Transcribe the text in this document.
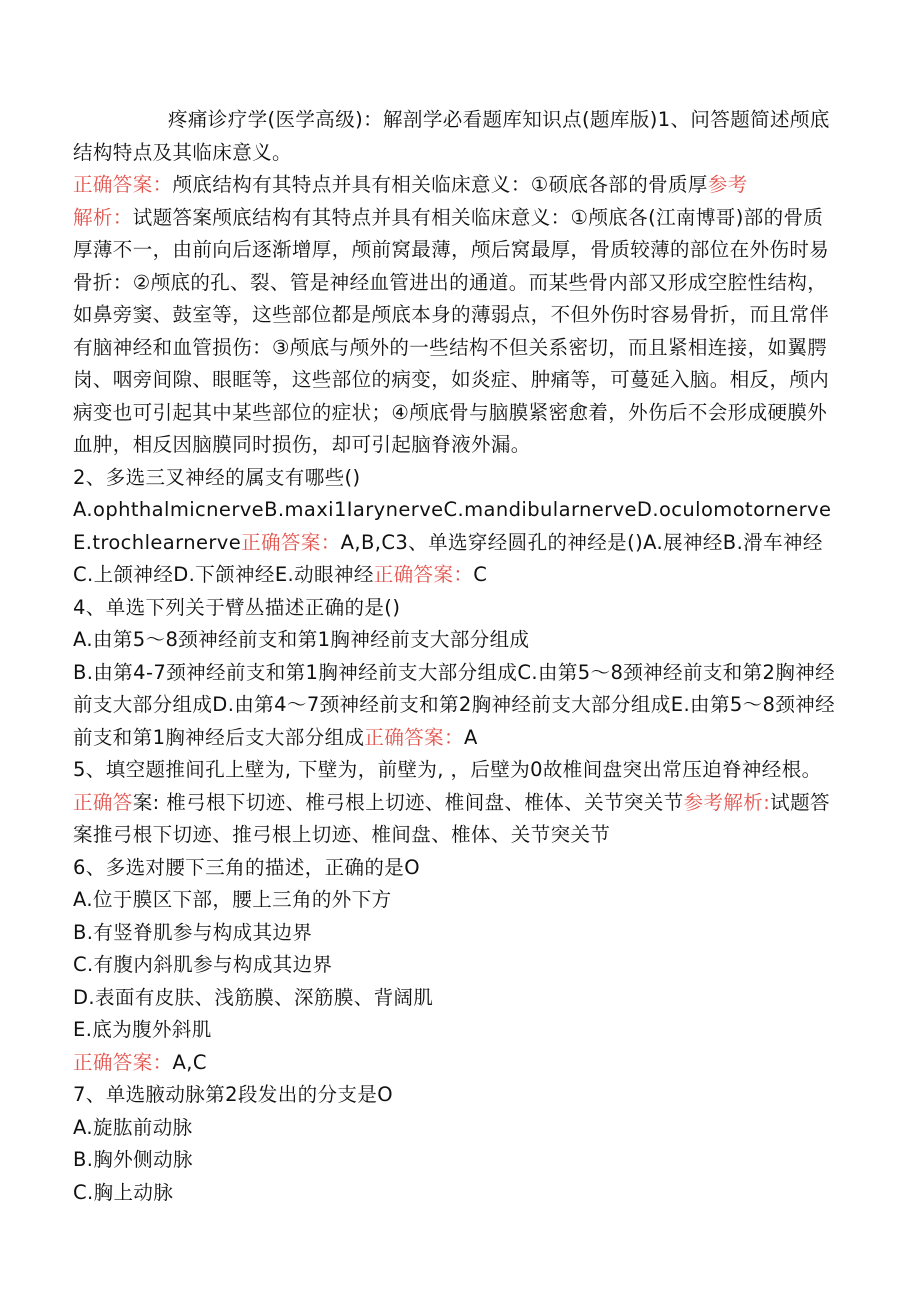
疼痛诊疗学(医学高级)：解剖学必看题库知识点(题库版)1、问答题简述颅底结构特点及其临床意义。

正确答案：颅底结构有其特点并具有相关临床意义：①硕底各部的骨质厚参考

解析：试题答案颅底结构有其特点并具有相关临床意义：①颅底各(江南博哥)部的骨质厚薄不一，由前向后逐渐增厚，颅前窝最薄，颅后窝最厚，骨质较薄的部位在外伤时易骨折：②颅底的孔、裂、管是神经血管进出的通道。而某些骨内部又形成空腔性结构，如鼻旁窦、鼓室等，这些部位都是颅底本身的薄弱点，不但外伤时容易骨折，而且常伴有脑神经和血管损伤：③颅底与颅外的一些结构不但关系密切，而且紧相连接，如翼腭岗、咽旁间隙、眼眶等，这些部位的病变，如炎症、肿痛等，可蔓延入脑。相反，颅内病变也可引起其中某些部位的症状；④颅底骨与脑膜紧密愈着，外伤后不会形成硬膜外血肿，相反因脑膜同时损伤，却可引起脑脊液外漏。

2、多选三叉神经的属支有哪些()

A.ophthalmicnerveB.maxi1IarynerveC.mandibularnerveD.oculomotornerveE.trochlearnerve正确答案：A,B,C3、单选穿经圆孔的神经是()A.展神经B.滑车神经C.上颌神经D.下颌神经E.动眼神经正确答案：C

4、单选下列关于臂丛描述正确的是()

A.由第5〜8颈神经前支和第1胸神经前支大部分组成

B.由第4-7颈神经前支和第1胸神经前支大部分组成C.由第5〜8颈神经前支和第2胸神经前支大部分组成D.由第4〜7颈神经前支和第2胸神经前支大部分组成E.由第5〜8颈神经前支和第1胸神经后支大部分组成正确答案：A

5、填空题推间孔上壁为, 下壁为，前壁为, ，后壁为0故椎间盘突出常压迫脊神经根。

正确答案: 椎弓根下切迹、椎弓根上切迹、椎间盘、椎体、关节突关节参考解析:试题答案推弓根下切迹、推弓根上切迹、椎间盘、椎体、关节突关节

6、多选对腰下三角的描述，正确的是O

A.位于膜区下部，腰上三角的外下方

B.有竖脊肌参与构成其边界

C.有腹内斜肌参与构成其边界

D.表面有皮肤、浅筋膜、深筋膜、背阔肌

E.底为腹外斜肌

正确答案：A,C

7、单选腋动脉第2段发出的分支是O

A.旋肱前动脉

B.胸外侧动脉

C.胸上动脉
